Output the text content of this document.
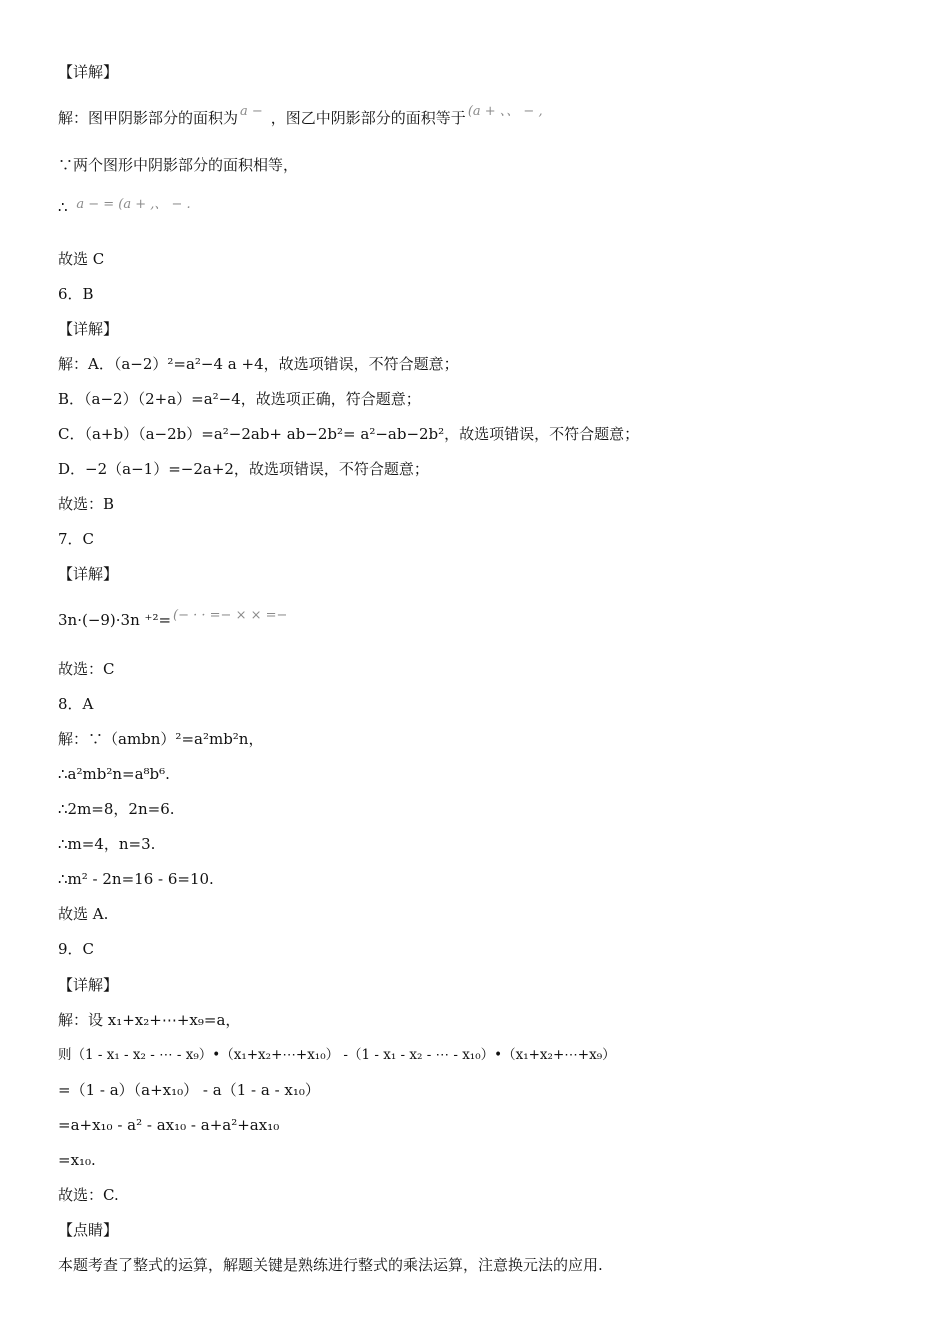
【详解】
解：图甲阴影部分的面积为 a − ，图乙中阴影部分的面积等于 (a + 、、 − ,
∵两个图形中阴影部分的面积相等，
∴ a − = (a + ,、 − .
故选 C
6．B
【详解】
解：A．（a−2）²=a²−4 a +4，故选项错误，不符合题意；
B．（a−2）（2+a）=a²−4，故选项正确，符合题意；
C．（a+b）（a−2b）=a²−2ab+ ab−2b²= a²−ab−2b²，故选项错误，不符合题意；
D．−2（a−1）=−2a+2，故选项错误，不符合题意；
故选：B
7．C
【详解】
3n·(−9)·3n ⁺²= (− · · =− × × =−
故选：C
8．A
解：∵（ambn）²=a²mb²n，
∴a²mb²n=a⁸b⁶.
∴2m=8，2n=6.
∴m=4，n=3.
∴m² - 2n=16 - 6=10.
故选 A.
9．C
【详解】
解：设 x₁+x₂+⋯+x₉=a，
则（1 - x₁ - x₂ - ⋯ - x₉）•（x₁+x₂+⋯+x₁₀） -（1 - x₁ - x₂ - ⋯ - x₁₀）•（x₁+x₂+⋯+x₉）
=（1 - a）（a+x₁₀） - a（1 - a - x₁₀）
=a+x₁₀ - a² - ax₁₀ - a+a²+ax₁₀
=x₁₀.
故选：C.
【点睛】
本题考查了整式的运算，解题关键是熟练进行整式的乘法运算，注意换元法的应用.
